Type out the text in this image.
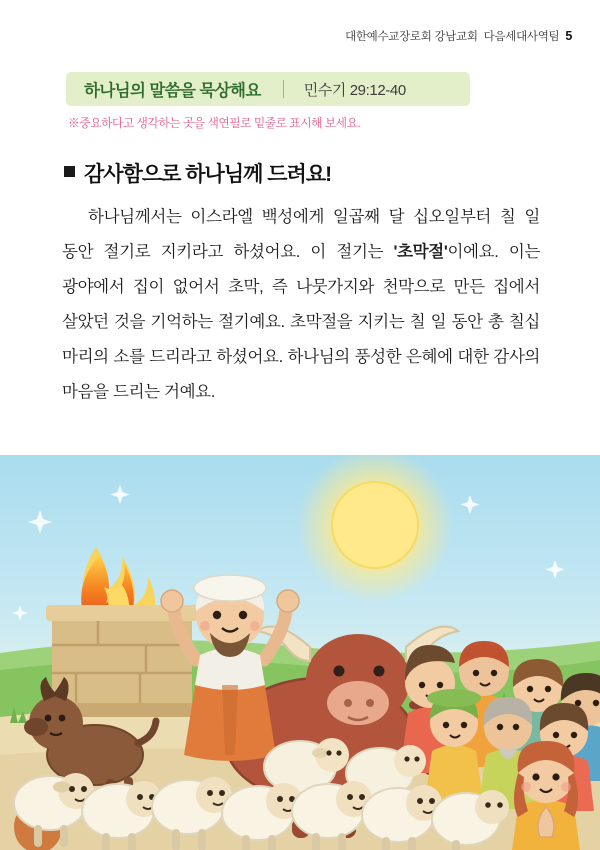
대한예수교장로회 강남교회 다음세대사역팀 5
하나님의 말씀을 묵상해요	민수기 29:12-40
※중요하다고 생각하는 곳을 색연필로 밑줄로 표시해 보세요.
감사함으로 하나님께 드려요!
하나님께서는 이스라엘 백성에게 일곱째 달 십오일부터 칠 일 동안 절기로 지키라고 하셨어요. 이 절기는 '초막절'이에요. 이는 광야에서 집이 없어서 초막, 즉 나뭇가지와 천막으로 만든 집에서 살았던 것을 기억하는 절기예요. 초막절을 지키는 칠 일 동안 총 칠십 마리의 소를 드리라고 하셨어요. 하나님의 풍성한 은혜에 대한 감사의 마음을 드리는 거예요.
